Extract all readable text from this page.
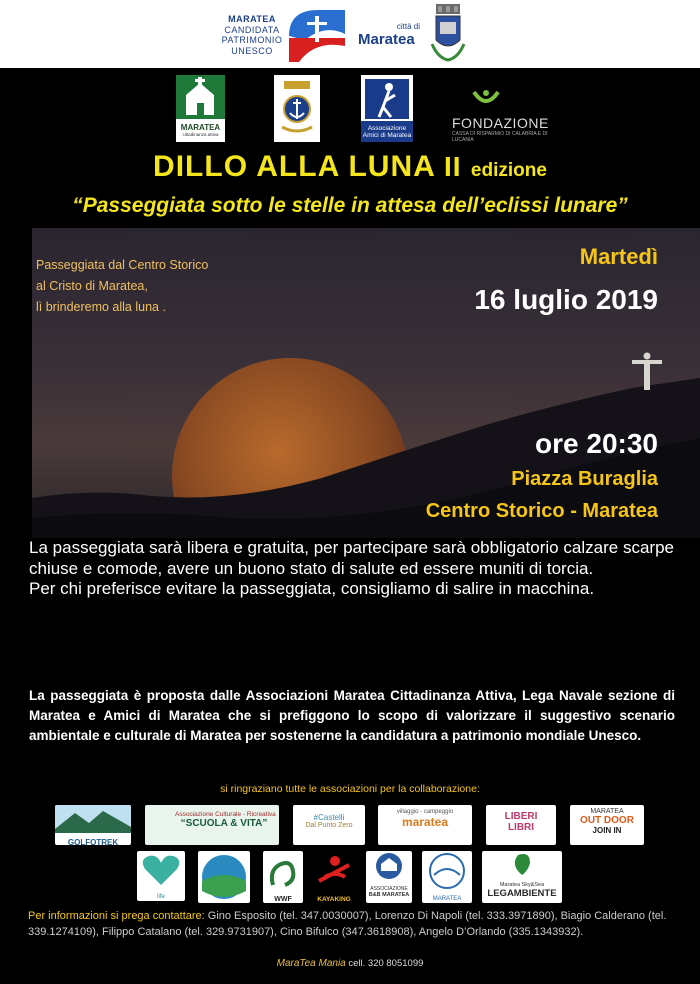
MARATEA
CANDIDATA
PATRIMONIO
UNESCO
città di
Maratea
MARATEA
cittadinanza attiva
Associazione
Amici di Maratea
FONDAZIONE
CASSA DI RISPARMIO DI CALABRIA E DI LUCANIA
DILLO ALLA LUNA II edizione
“Passeggiata sotto le stelle in attesa dell’eclissi lunare”
Passeggiata dal Centro Storico
al Cristo di Maratea,
lì brinderemo alla luna .
Martedì
16 luglio 2019
ore 20:30
Piazza Buraglia
Centro Storico - Maratea

La passeggiata sarà libera e gratuita, per partecipare sarà obbligatorio calzare scarpe chiuse e comode, avere un buono stato di salute ed essere muniti di torcia.

Per chi preferisce evitare la passeggiata, consigliamo di salire in macchina.

La passeggiata è proposta dalle Associazioni Maratea Cittadinanza Attiva, Lega Navale sezione di Maratea e Amici di Maratea che si prefiggono lo scopo di valorizzare il suggestivo scenario ambientale e culturale di Maratea per sostenerne la candidatura a patrimonio mondiale Unesco.
si ringraziano tutte le associazioni per la collaborazione:
GOLFOTREK
Associazione Culturale - Ricreativa
“SCUOLA & VITA”
#Castelli
Dal Punto Zero
villaggio - campeggio
maratea	LIBERI
LIBRI
MARATEA
OUT DOOR
JOIN IN
life	WWF	KAYAKING
ASSOCIAZIONE
B&B MARATEA
MARATEA
Maratea Sky&Sea
LEGAMBIENTE
Per informazioni si prega contattare: Gino Esposito (tel. 347.0030007), Lorenzo Di Napoli (tel. 333.3971890), Biagio Calderano (tel. 339.1274109), Filippo Catalano (tel. 329.9731907), Cino Bifulco (347.3618908), Angelo D’Orlando (335.1343932).
MaraTea Mania cell. 320 8051099
